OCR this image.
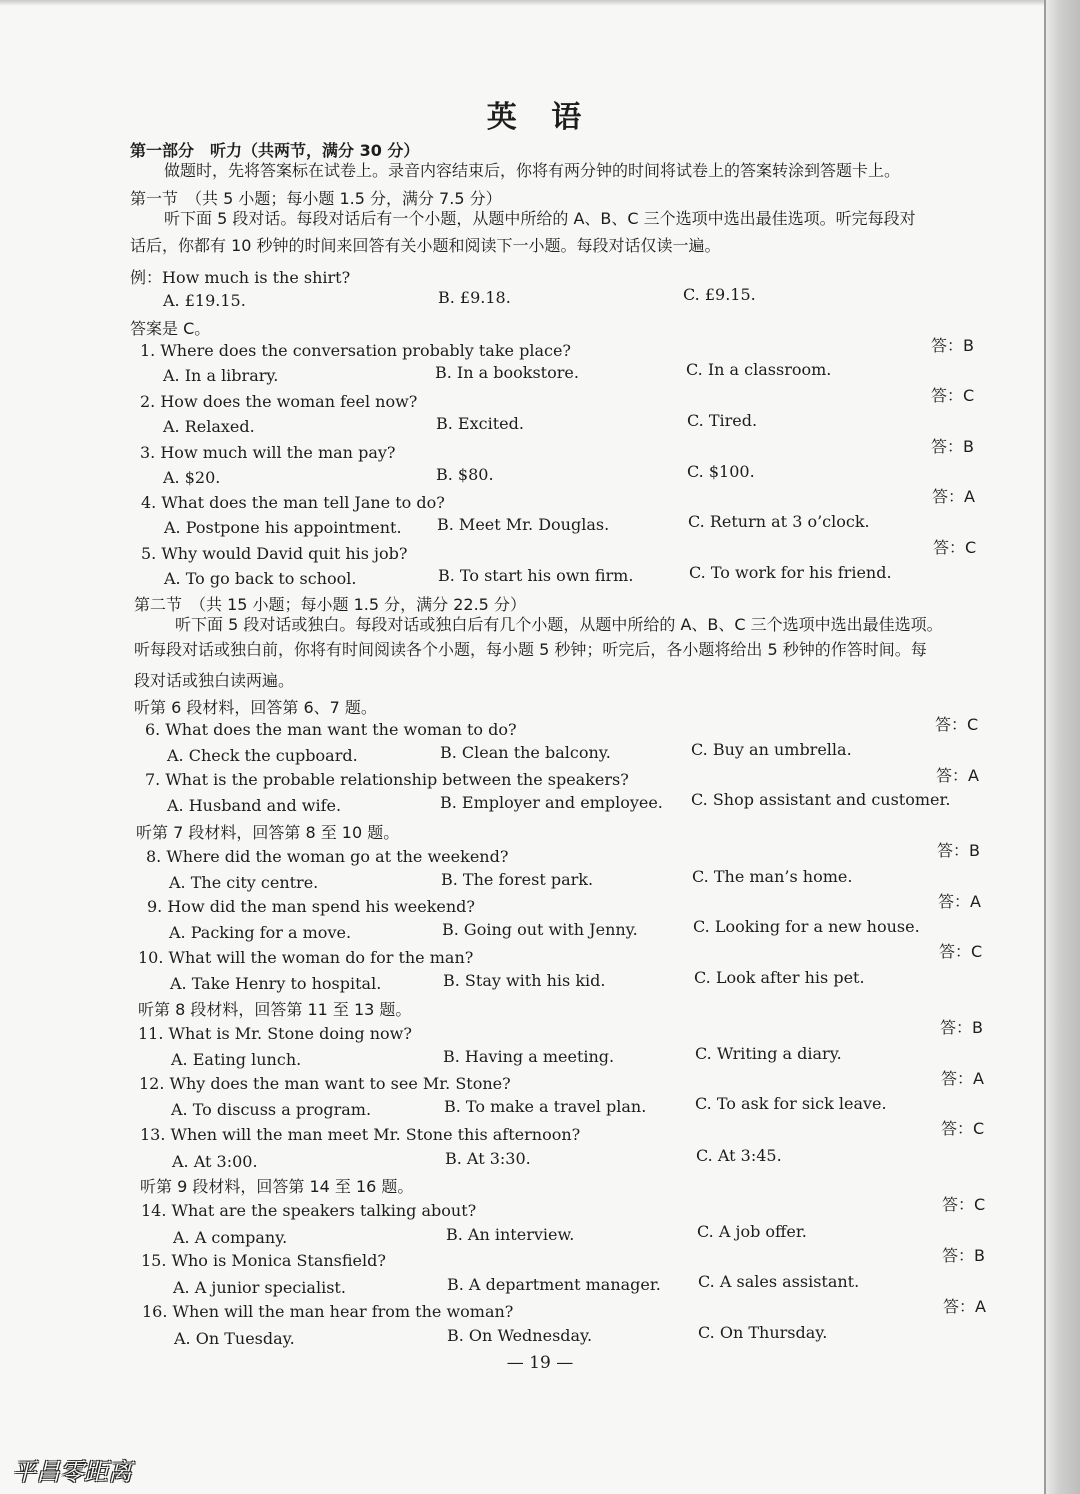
英 语
第一部分　听力（共两节，满分 30 分）
做题时，先将答案标在试卷上。录音内容结束后，你将有两分钟的时间将试卷上的答案转涂到答题卡上。
第一节　（共 5 小题；每小题 1.5 分，满分 7.5 分）
听下面 5 段对话。每段对话后有一个小题，从题中所给的 A、B、C 三个选项中选出最佳选项。听完每段对
话后，你都有 10 秒钟的时间来回答有关小题和阅读下一小题。每段对话仅读一遍。
例：How much is the shirt?
A. £19.15.	B. £9.18.	C. £9.15.
答案是 C。
1. Where does the conversation probably take place?
A. In a library.	B. In a bookstore.	C. In a classroom.
答：B
2. How does the woman feel now?
A. Relaxed.	B. Excited.	C. Tired.
答：C
3. How much will the man pay?
A. $20.	B. $80.	C. $100.
答：B
4. What does the man tell Jane to do?
A. Postpone his appointment. B. Meet Mr. Douglas.	C. Return at 3 o’clock.
答：A
5. Why would David quit his job?
A. To go back to school.	B. To start his own firm.	C. To work for his friend.
答：C
6. What does the man want the woman to do?
A. Check the cupboard.	B. Clean the balcony.	C. Buy an umbrella.
答：C
7. What is the probable relationship between the speakers?
A. Husband and wife.	B. Employer and employee. C. Shop assistant and customer.
答：A
8. Where did the woman go at the weekend?
A. The city centre.	B. The forest park.	C. The man’s home.
答：B
9. How did the man spend his weekend?
A. Packing for a move.	B. Going out with Jenny.	C. Looking for a new house.
答：A
10. What will the woman do for the man?
A. Take Henry to hospital.	B. Stay with his kid.	C. Look after his pet.
答：C
11. What is Mr. Stone doing now?
A. Eating lunch.	B. Having a meeting.	C. Writing a diary.
答：B
12. Why does the man want to see Mr. Stone?
A. To discuss a program.	B. To make a travel plan.	C. To ask for sick leave.
答：A
13. When will the man meet Mr. Stone this afternoon?
A. At 3:00.	B. At 3:30.	C. At 3:45.
答：C
14. What are the speakers talking about?
A. A company.	B. An interview.	C. A job offer.
答：C
15. Who is Monica Stansfield?
A. A junior specialist.	B. A department manager. C. A sales assistant.
答：B
16. When will the man hear from the woman?
A. On Tuesday.	B. On Wednesday.	C. On Thursday.
答：A
第二节　（共 15 小题；每小题 1.5 分，满分 22.5 分）
听下面 5 段对话或独白。每段对话或独白后有几个小题，从题中所给的 A、B、C 三个选项中选出最佳选项。
听每段对话或独白前，你将有时间阅读各个小题，每小题 5 秒钟；听完后，各小题将给出 5 秒钟的作答时间。每
段对话或独白读两遍。
听第 6 段材料，回答第 6、7 题。
听第 7 段材料，回答第 8 至 10 题。
听第 8 段材料，回答第 11 至 13 题。
听第 9 段材料，回答第 14 至 16 题。
— 19 —
平昌零距离
